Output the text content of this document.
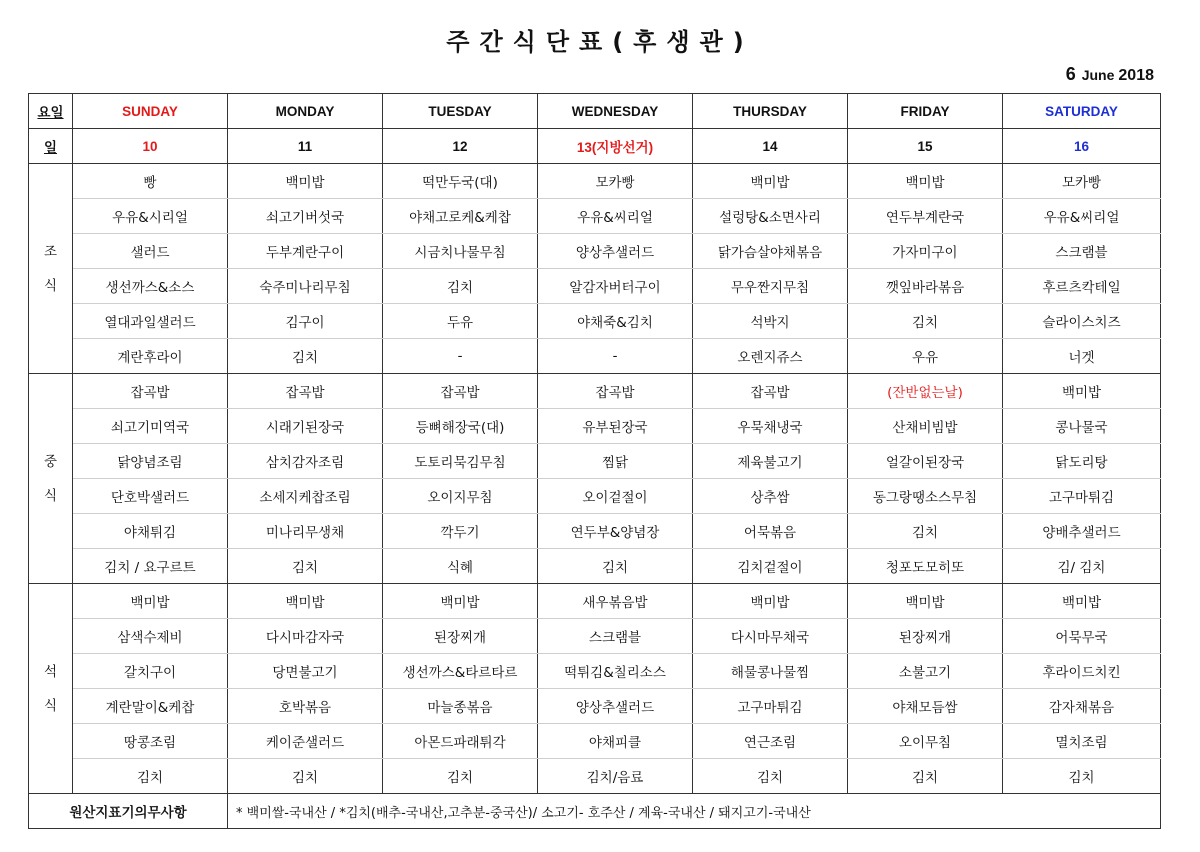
주간식단표(후생관)
6 June 2018
요일	SUNDAY	MONDAY	TUESDAY	WEDNESDAY	THURSDAY	FRIDAY	SATURDAY
일	10	11	12	13(지방선거)	14	15	16

조
식	빵	백미밥	떡만두국(대)	모카빵	백미밥	백미밥	모카빵
	우유&시리얼	쇠고기버섯국	야채고로케&케찹	우유&씨리얼	설렁탕&소면사리	연두부계란국	우유&씨리얼
	샐러드	두부계란구이	시금치나물무침	양상추샐러드	닭가슴살야채볶음	가자미구이	스크램블
	생선까스&소스	숙주미나리무침	김치	알감자버터구이	무우짠지무침	깻잎바라볶음	후르츠칵테일
	열대과일샐러드	김구이	두유	야채죽&김치	석박지	김치	슬라이스치즈
	계란후라이	김치	-	-	오렌지쥬스	우유	너겟

중
식	잡곡밥	잡곡밥	잡곡밥	잡곡밥	잡곡밥	(잔반없는날)	백미밥
	쇠고기미역국	시래기된장국	등뼈해장국(대)	유부된장국	우묵채냉국	산채비빔밥	콩나물국
	닭양념조림	삼치감자조림	도토리묵김무침	찜닭	제육불고기	얼갈이된장국	닭도리탕
	단호박샐러드	소세지케찹조림	오이지무침	오이겉절이	상추쌈	동그랑땡소스무침	고구마튀김
	야채튀김	미나리무생채	깍두기	연두부&양념장	어묵볶음	김치	양배추샐러드
	김치 / 요구르트	김치	식혜	김치	김치겉절이	청포도모히또	김/ 김치

석
식	백미밥	백미밥	백미밥	새우볶음밥	백미밥	백미밥	백미밥
	삼색수제비	다시마감자국	된장찌개	스크램블	다시마무채국	된장찌개	어묵무국
	갈치구이	당면불고기	생선까스&타르타르	떡튀김&칠리소스	해물콩나물찜	소불고기	후라이드치킨
	계란말이&케찹	호박볶음	마늘종볶음	양상추샐러드	고구마튀김	야채모듬쌈	감자채볶음
	땅콩조림	케이준샐러드	아몬드파래튀각	야채피클	연근조림	오이무침	멸치조림
	김치	김치	김치	김치/음료	김치	김치	김치
원산지표기의무사항		* 백미쌀-국내산 / *김치(배추-국내산,고추분-중국산)/ 소고기- 호주산 / 계육-국내산 / 돼지고기-국내산					
